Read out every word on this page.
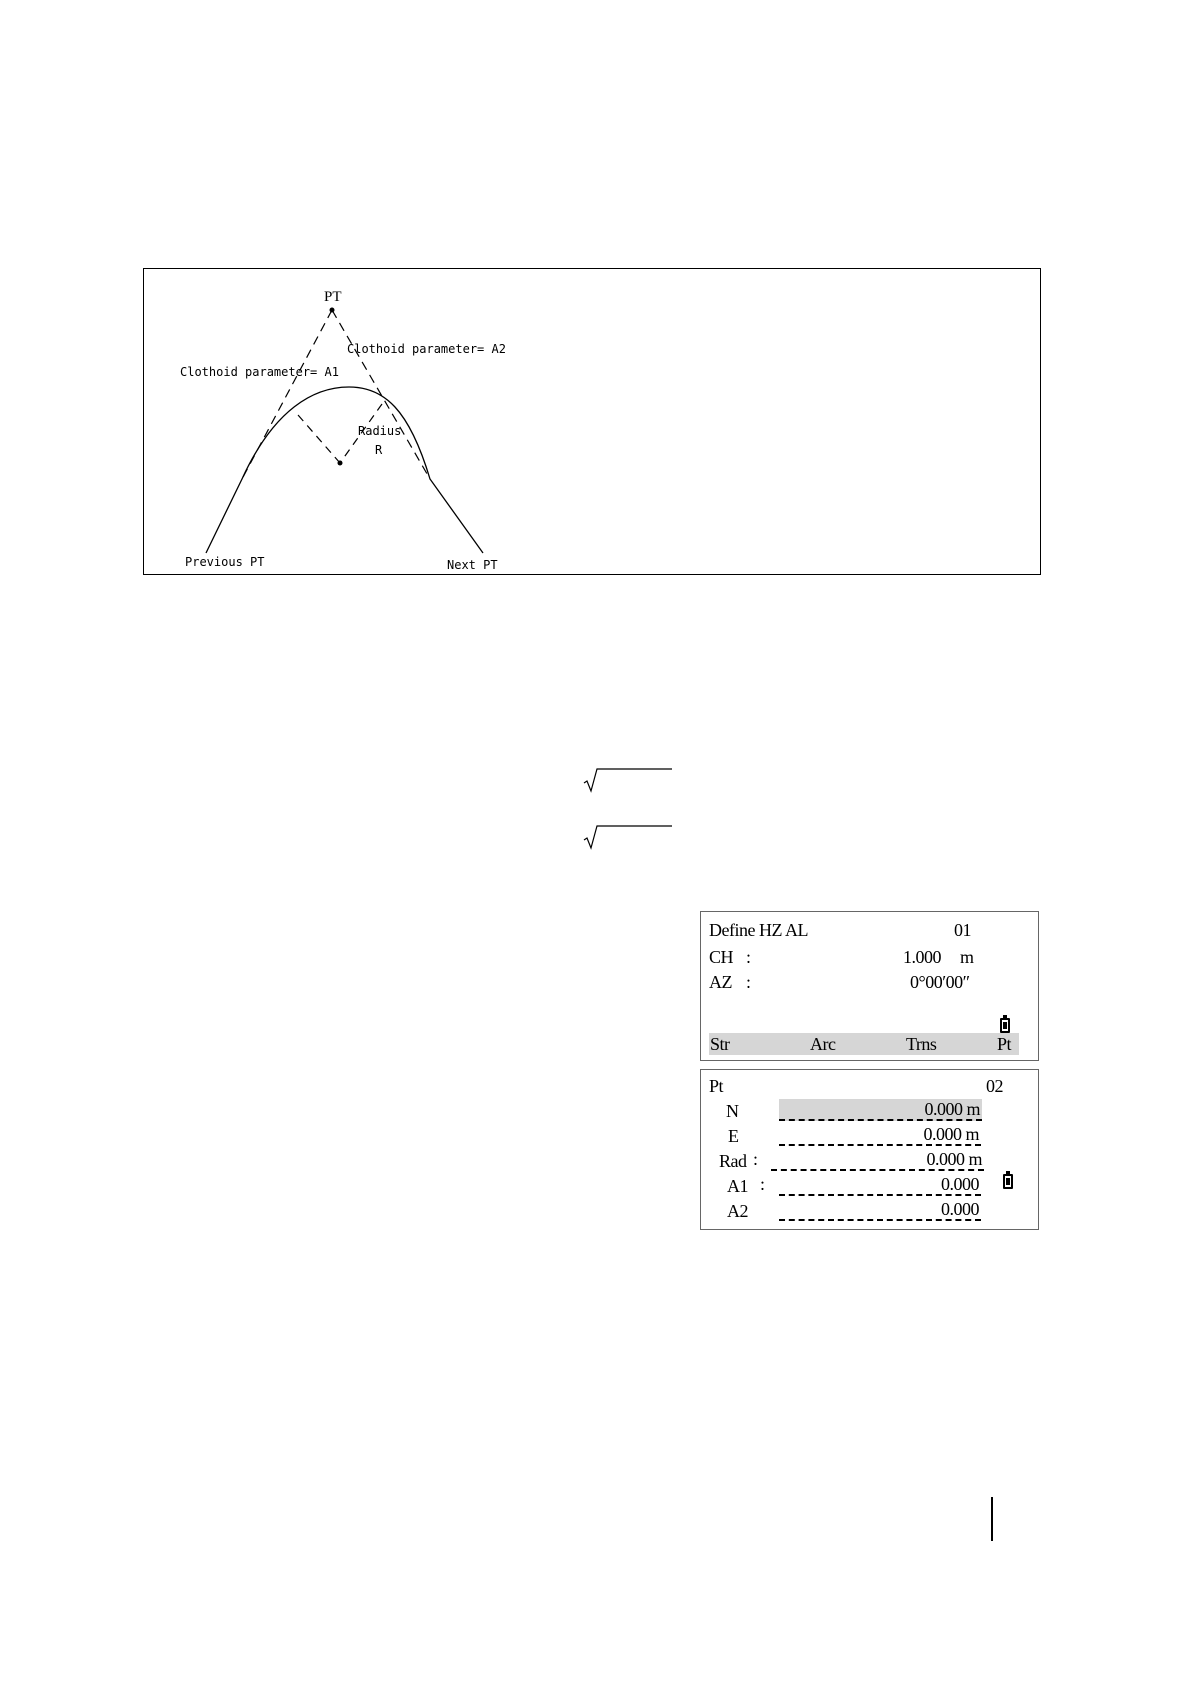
PT
Clothoid parameter= A2
Clothoid parameter= A1
Radius
R
Previous PT	Next PT
Define HZ AL	01
CH :	1.000 m
AZ :	0°00′00″
Str	Arc	Trns	Pt
Pt	02
N	0.000 m
E	0.000 m
Rad :	0.000 m
A1 :	0.000
A2	0.000
